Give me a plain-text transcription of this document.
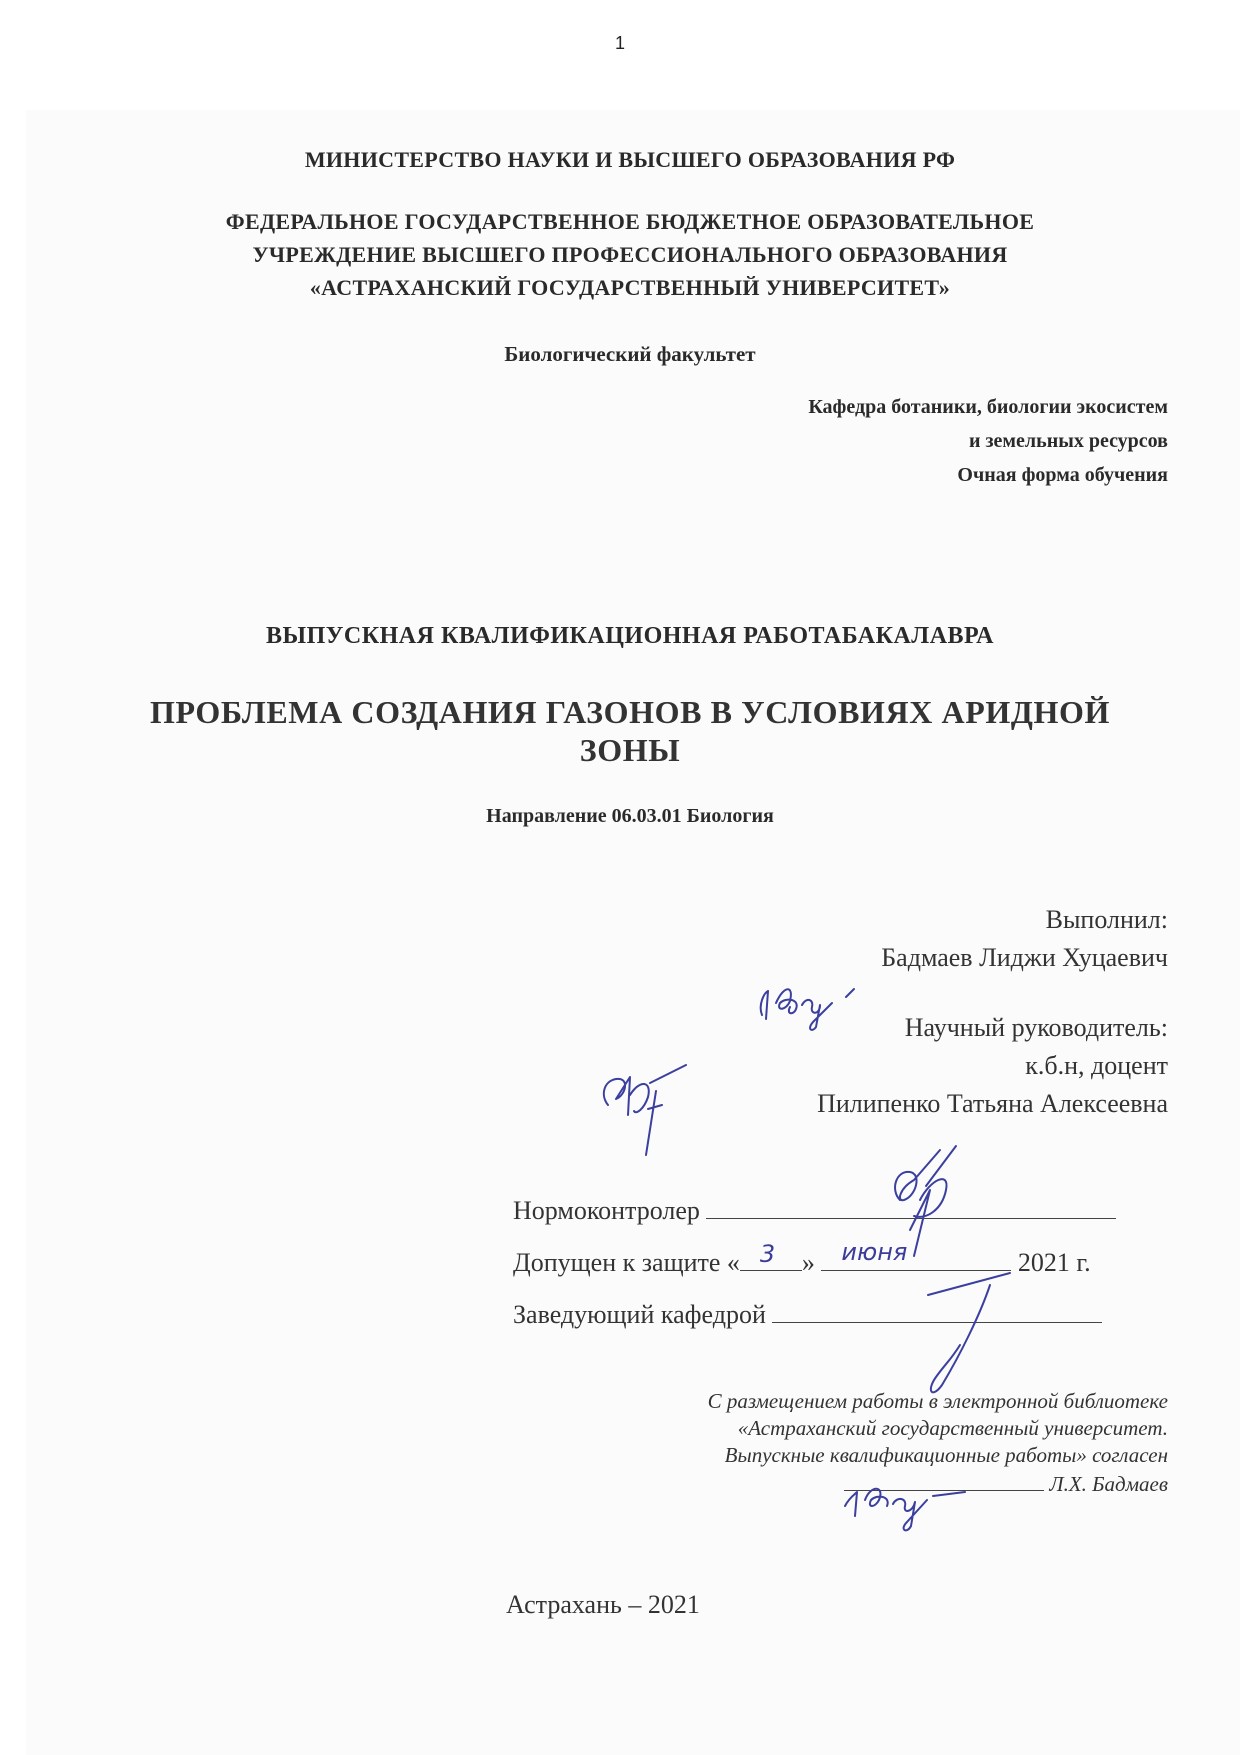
1
МИНИСТЕРСТВО НАУКИ И ВЫСШЕГО ОБРАЗОВАНИЯ РФ
ФЕДЕРАЛЬНОЕ ГОСУДАРСТВЕННОЕ БЮДЖЕТНОЕ ОБРАЗОВАТЕЛЬНОЕ
УЧРЕЖДЕНИЕ ВЫСШЕГО ПРОФЕССИОНАЛЬНОГО ОБРАЗОВАНИЯ
«АСТРАХАНСКИЙ ГОСУДАРСТВЕННЫЙ УНИВЕРСИТЕТ»
Биологический факультет
Кафедра ботаники, биологии экосистем
и земельных ресурсов
Очная форма обучения
ВЫПУСКНАЯ КВАЛИФИКАЦИОННАЯ РАБОТАБАКАЛАВРА
ПРОБЛЕМА СОЗДАНИЯ ГАЗОНОВ В УСЛОВИЯХ АРИДНОЙ
ЗОНЫ
Направление 06.03.01 Биология
Выполнил:
Бадмаев Лиджи Хуцаевич
Научный руководитель:
к.б.н, доцент
Пилипенко Татьяна Алексеевна
Нормоконтролер
Допущен к защите « 3 » июня	2021 г.
Заведующий кафедрой
С размещением работы в электронной библиотеке
«Астраханский государственный университет.
Выпускные квалификационные работы» согласен
Л.Х. Бадмаев
Астрахань – 2021
